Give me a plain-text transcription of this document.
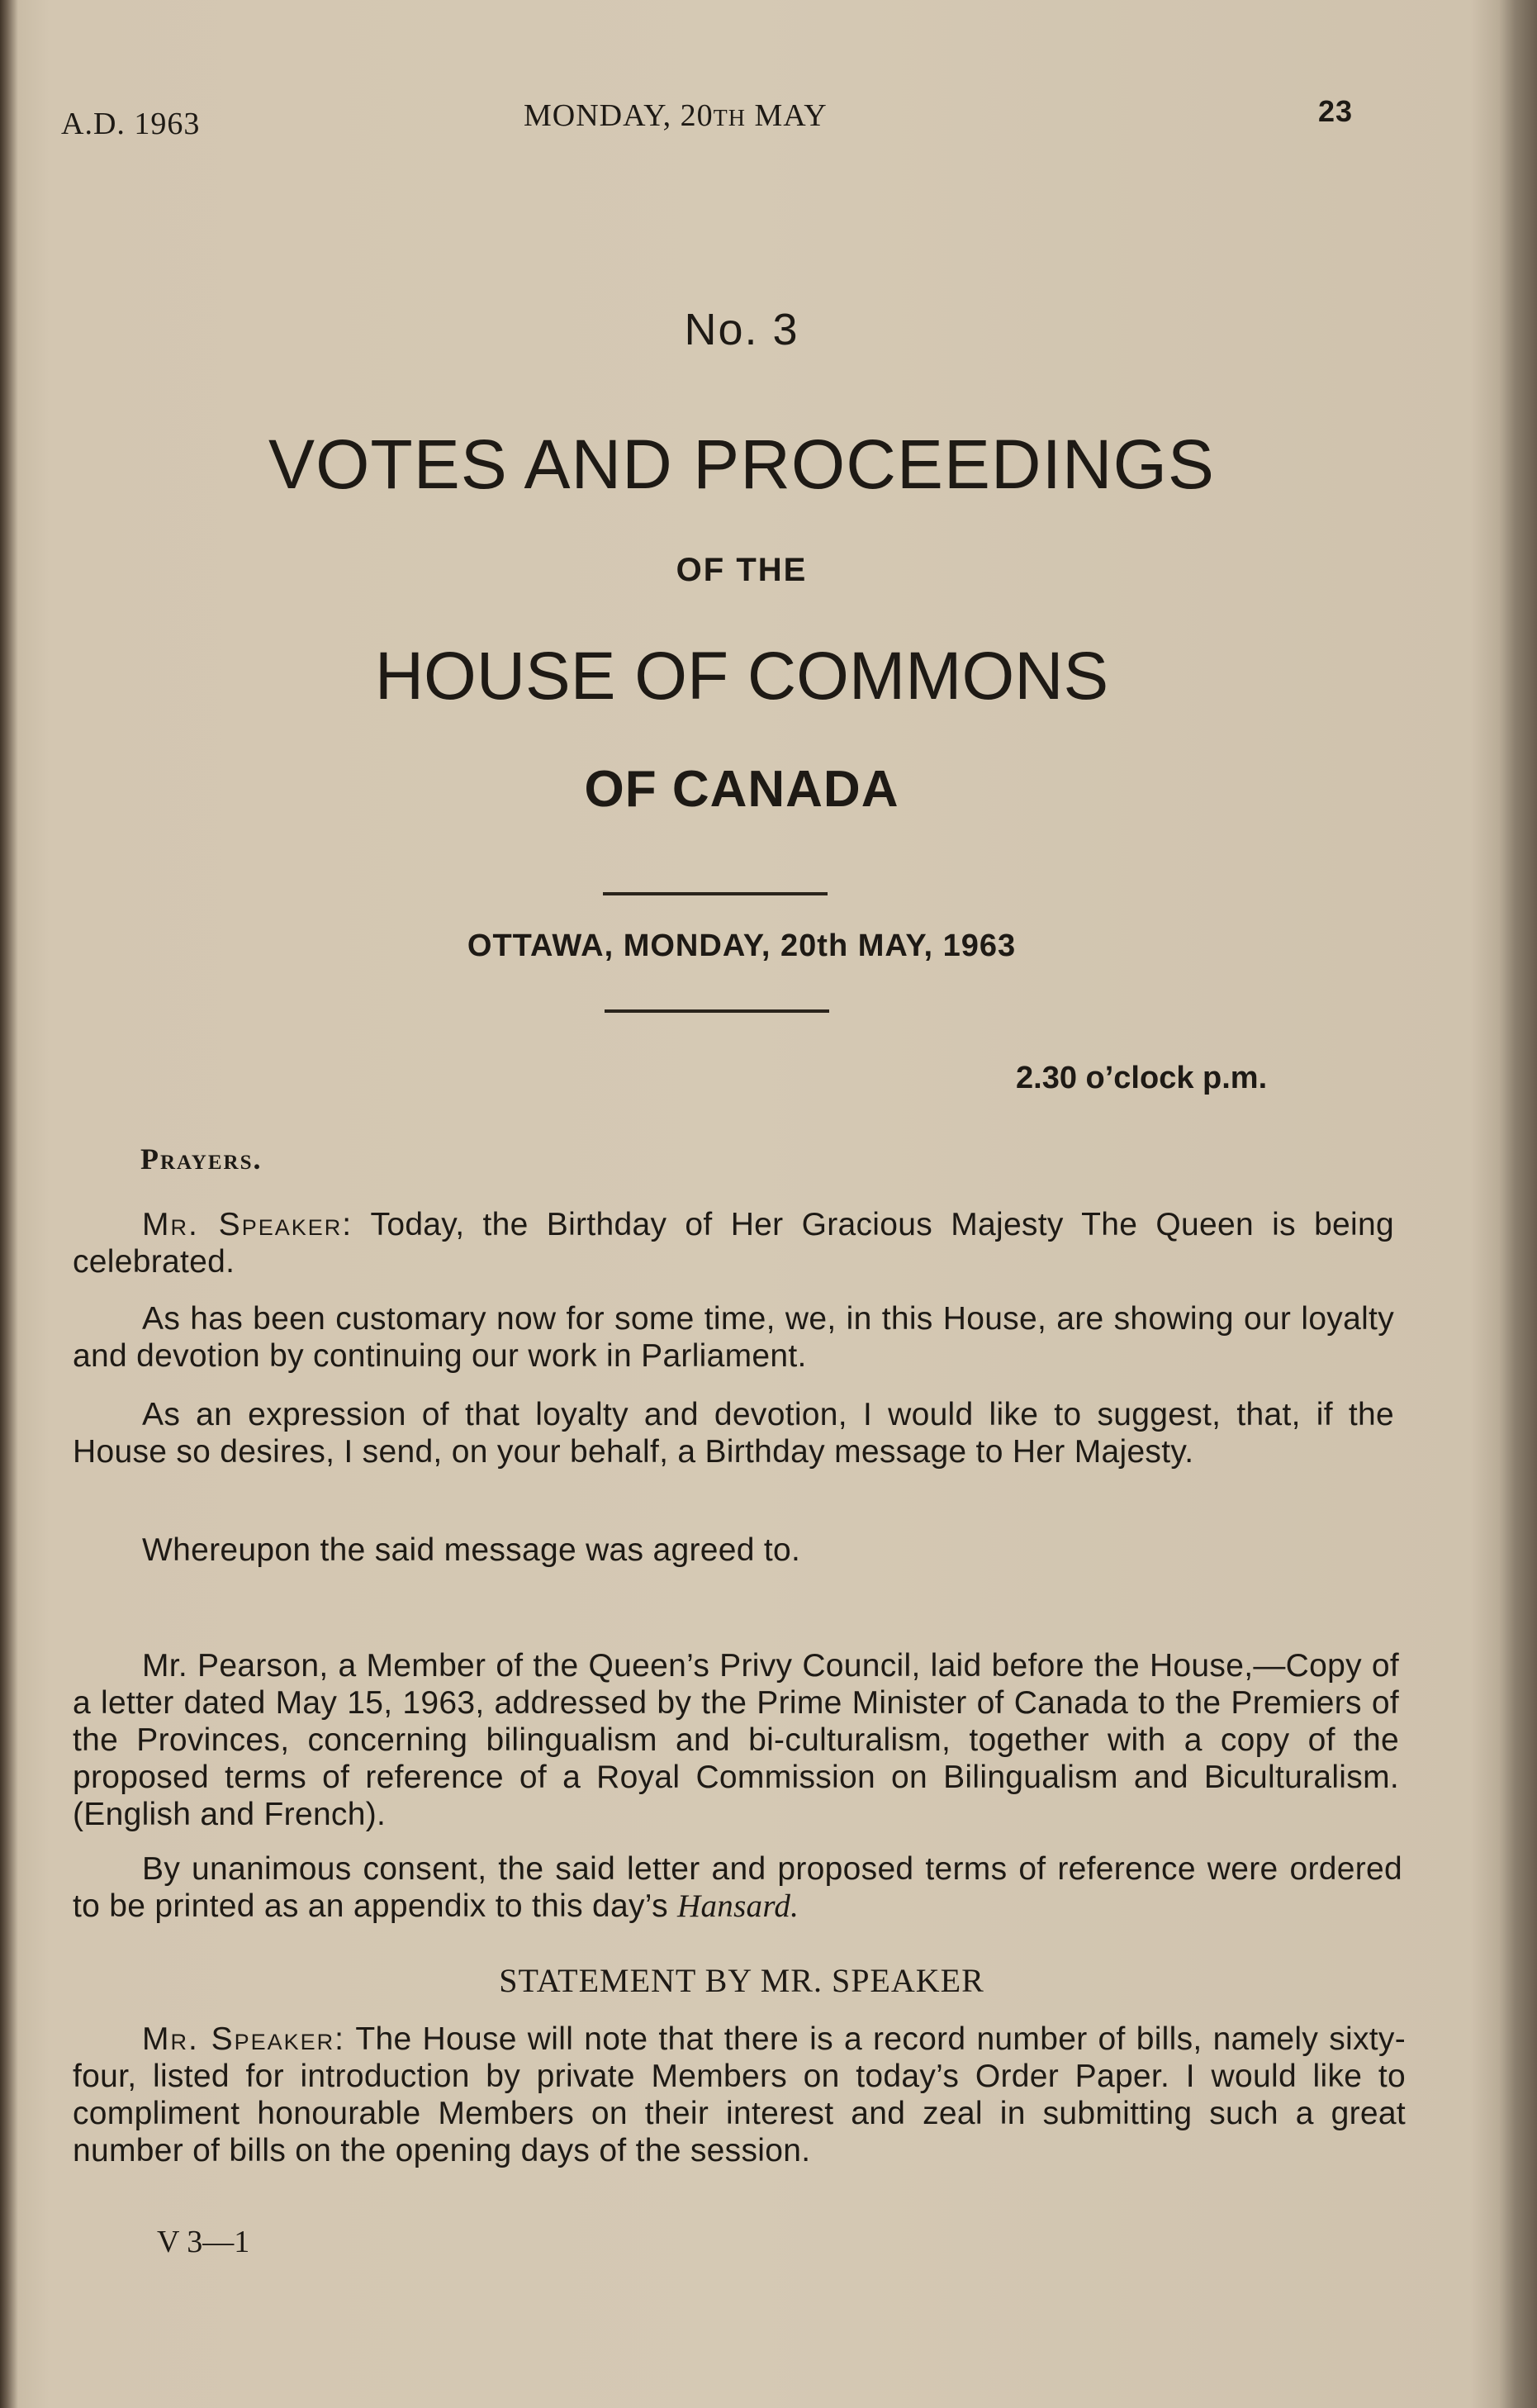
A.D. 1963	MONDAY, 20TH MAY	23
No. 3
VOTES AND PROCEEDINGS
OF THE
HOUSE OF COMMONS
OF CANADA
OTTAWA, MONDAY, 20th MAY, 1963
2.30 o’clock p.m.
Prayers.
Mr. Speaker: Today, the Birthday of Her Gracious Majesty The Queen is being celebrated.
As has been customary now for some time, we, in this House, are showing our loyalty and devotion by continuing our work in Parliament.
As an expression of that loyalty and devotion, I would like to suggest, that, if the House so desires, I send, on your behalf, a Birthday message to Her Majesty.
Whereupon the said message was agreed to.
Mr. Pearson, a Member of the Queen’s Privy Council, laid before the House,—Copy of a letter dated May 15, 1963, addressed by the Prime Minister of Canada to the Premiers of the Provinces, concerning bilingualism and bi-culturalism, together with a copy of the proposed terms of reference of a Royal Commission on Bilingualism and Biculturalism. (English and French).
By unanimous consent, the said letter and proposed terms of reference were ordered to be printed as an appendix to this day’s Hansard.
STATEMENT BY MR. SPEAKER
Mr. Speaker: The House will note that there is a record number of bills, namely sixty-four, listed for introduction by private Members on today’s Order Paper. I would like to compliment honourable Members on their interest and zeal in submitting such a great number of bills on the opening days of the session.
V 3—1
